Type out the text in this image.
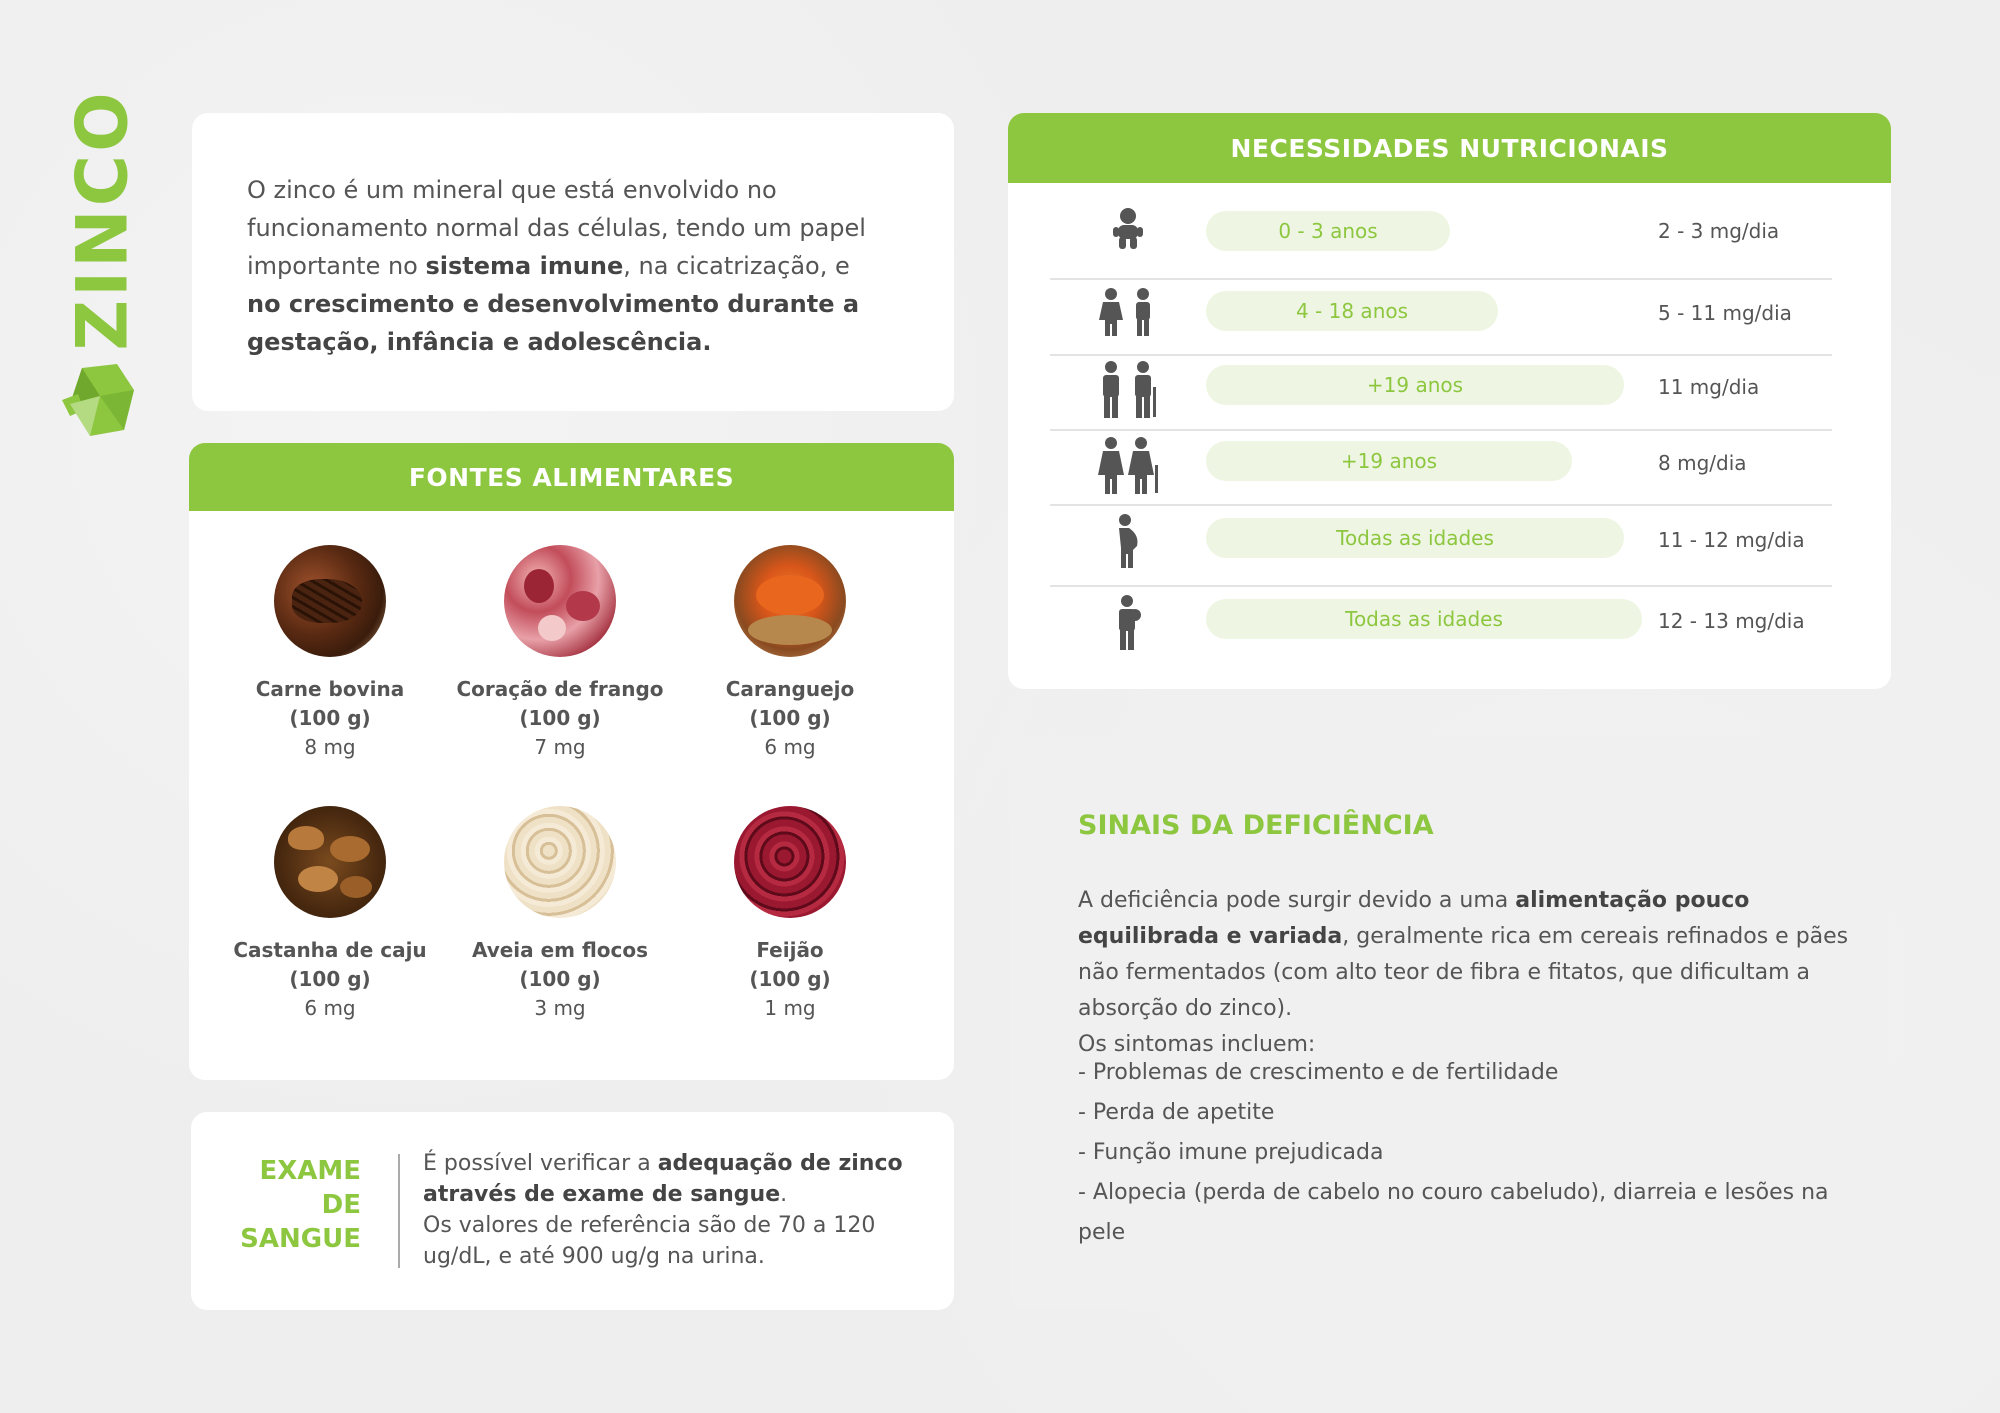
ZINCO	O zinco é um mineral que está envolvido no funcionamento normal das células, tendo um papel importante no sistema imune, na cicatrização, e no crescimento e desenvolvimento durante a gestação, infância e adolescência.

FONTES ALIMENTARES
Carne bovina
(100 g)
8 mg
Coração de frango
(100 g)
7 mg
Caranguejo
(100 g)
6 mg
Castanha de caju
(100 g)
6 mg
Aveia em flocos
(100 g)
3 mg
Feijão
(100 g)
1 mg
EXAME
DE
SANGUE
É possível verificar a adequação de zinco através de exame de sangue.
Os valores de referência são de 70 a 120 ug/dL, e até 900 ug/g na urina.
NECESSIDADES NUTRICIONAIS
0 - 3 anos	2 - 3 mg/dia
4 - 18 anos	5 - 11 mg/dia
+19 anos	11 mg/dia
+19 anos	8 mg/dia
Todas as idades	11 - 12 mg/dia
Todas as idades	12 - 13 mg/dia
SINAIS DA DEFICIÊNCIA

A deficiência pode surgir devido a uma alimentação pouco equilibrada e variada, geralmente rica em cereais refinados e pães não fermentados (com alto teor de fibra e fitatos, que dificultam a absorção do zinco).
Os sintomas incluem:

- Problemas de crescimento e de fertilidade
- Perda de apetite
- Função imune prejudicada
- Alopecia (perda de cabelo no couro cabeludo), diarreia e lesões na pele
